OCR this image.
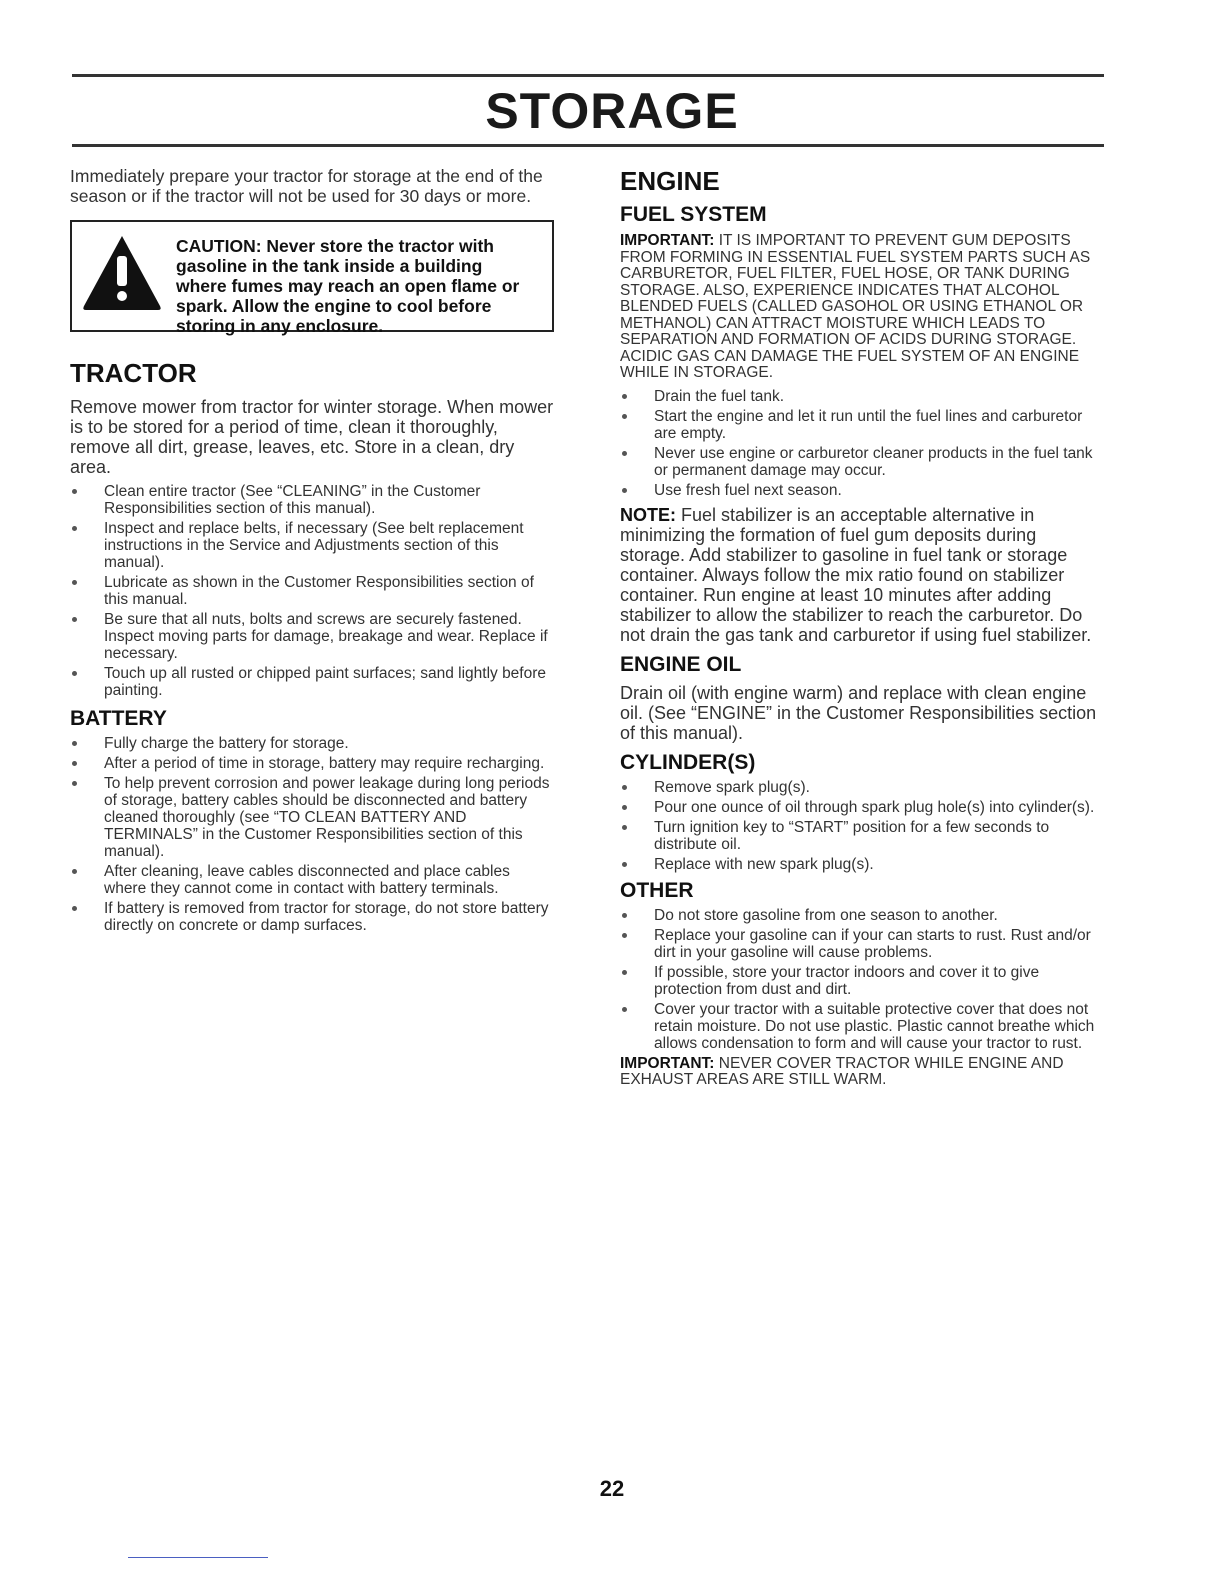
STORAGE

Immediately prepare your tractor for storage at the end of the season or if the tractor will not be used for 30 days or more.

CAUTION: Never store the tractor with gasoline in the tank inside a building where fumes may reach an open flame or spark. Allow the engine to cool before storing in any enclosure.

TRACTOR

Remove mower from tractor for winter storage. When mower is to be stored for a period of time, clean it thoroughly, remove all dirt, grease, leaves, etc. Store in a clean, dry area.

Clean entire tractor (See “CLEANING” in the Customer Responsibilities section of this manual).
Inspect and replace belts, if necessary (See belt replacement instructions in the Service and Adjustments section of this manual).
Lubricate as shown in the Customer Responsibilities section of this manual.
Be sure that all nuts, bolts and screws are securely fastened. Inspect moving parts for damage, breakage and wear. Replace if necessary.
Touch up all rusted or chipped paint surfaces; sand lightly before painting.
BATTERY
Fully charge the battery for storage.
After a period of time in storage, battery may require recharging.
To help prevent corrosion and power leakage during long periods of storage, battery cables should be disconnected and battery cleaned thoroughly (see “TO CLEAN BATTERY AND TERMINALS” in the Customer Responsibilities section of this manual).
After cleaning, leave cables disconnected and place cables where they cannot come in contact with battery terminals.
If battery is removed from tractor for storage, do not store battery directly on concrete or damp surfaces.
ENGINE
FUEL SYSTEM

IMPORTANT: IT IS IMPORTANT TO PREVENT GUM DEPOSITS FROM FORMING IN ESSENTIAL FUEL SYSTEM PARTS SUCH AS CARBURETOR, FUEL FILTER, FUEL HOSE, OR TANK DURING STORAGE. ALSO, EXPERIENCE INDICATES THAT ALCOHOL BLENDED FUELS (CALLED GASOHOL OR USING ETHANOL OR METHANOL) CAN ATTRACT MOISTURE WHICH LEADS TO SEPARATION AND FORMATION OF ACIDS DURING STORAGE. ACIDIC GAS CAN DAMAGE THE FUEL SYSTEM OF AN ENGINE WHILE IN STORAGE.

Drain the fuel tank.
Start the engine and let it run until the fuel lines and carburetor are empty.
Never use engine or carburetor cleaner products in the fuel tank or permanent damage may occur.
Use fresh fuel next season.

NOTE: Fuel stabilizer is an acceptable alternative in minimizing the formation of fuel gum deposits during storage. Add stabilizer to gasoline in fuel tank or storage container. Always follow the mix ratio found on stabilizer container. Run engine at least 10 minutes after adding stabilizer to allow the stabilizer to reach the carburetor. Do not drain the gas tank and carburetor if using fuel stabilizer.

ENGINE OIL

Drain oil (with engine warm) and replace with clean engine oil. (See “ENGINE” in the Customer Responsibilities section of this manual).

CYLINDER(S)
Remove spark plug(s).
Pour one ounce of oil through spark plug hole(s) into cylinder(s).
Turn ignition key to “START” position for a few seconds to distribute oil.
Replace with new spark plug(s).
OTHER
Do not store gasoline from one season to another.
Replace your gasoline can if your can starts to rust. Rust and/or dirt in your gasoline will cause problems.
If possible, store your tractor indoors and cover it to give protection from dust and dirt.
Cover your tractor with a suitable protective cover that does not retain moisture. Do not use plastic. Plastic cannot breathe which allows condensation to form and will cause your tractor to rust.

IMPORTANT: NEVER COVER TRACTOR WHILE ENGINE AND EXHAUST AREAS ARE STILL WARM.

22
